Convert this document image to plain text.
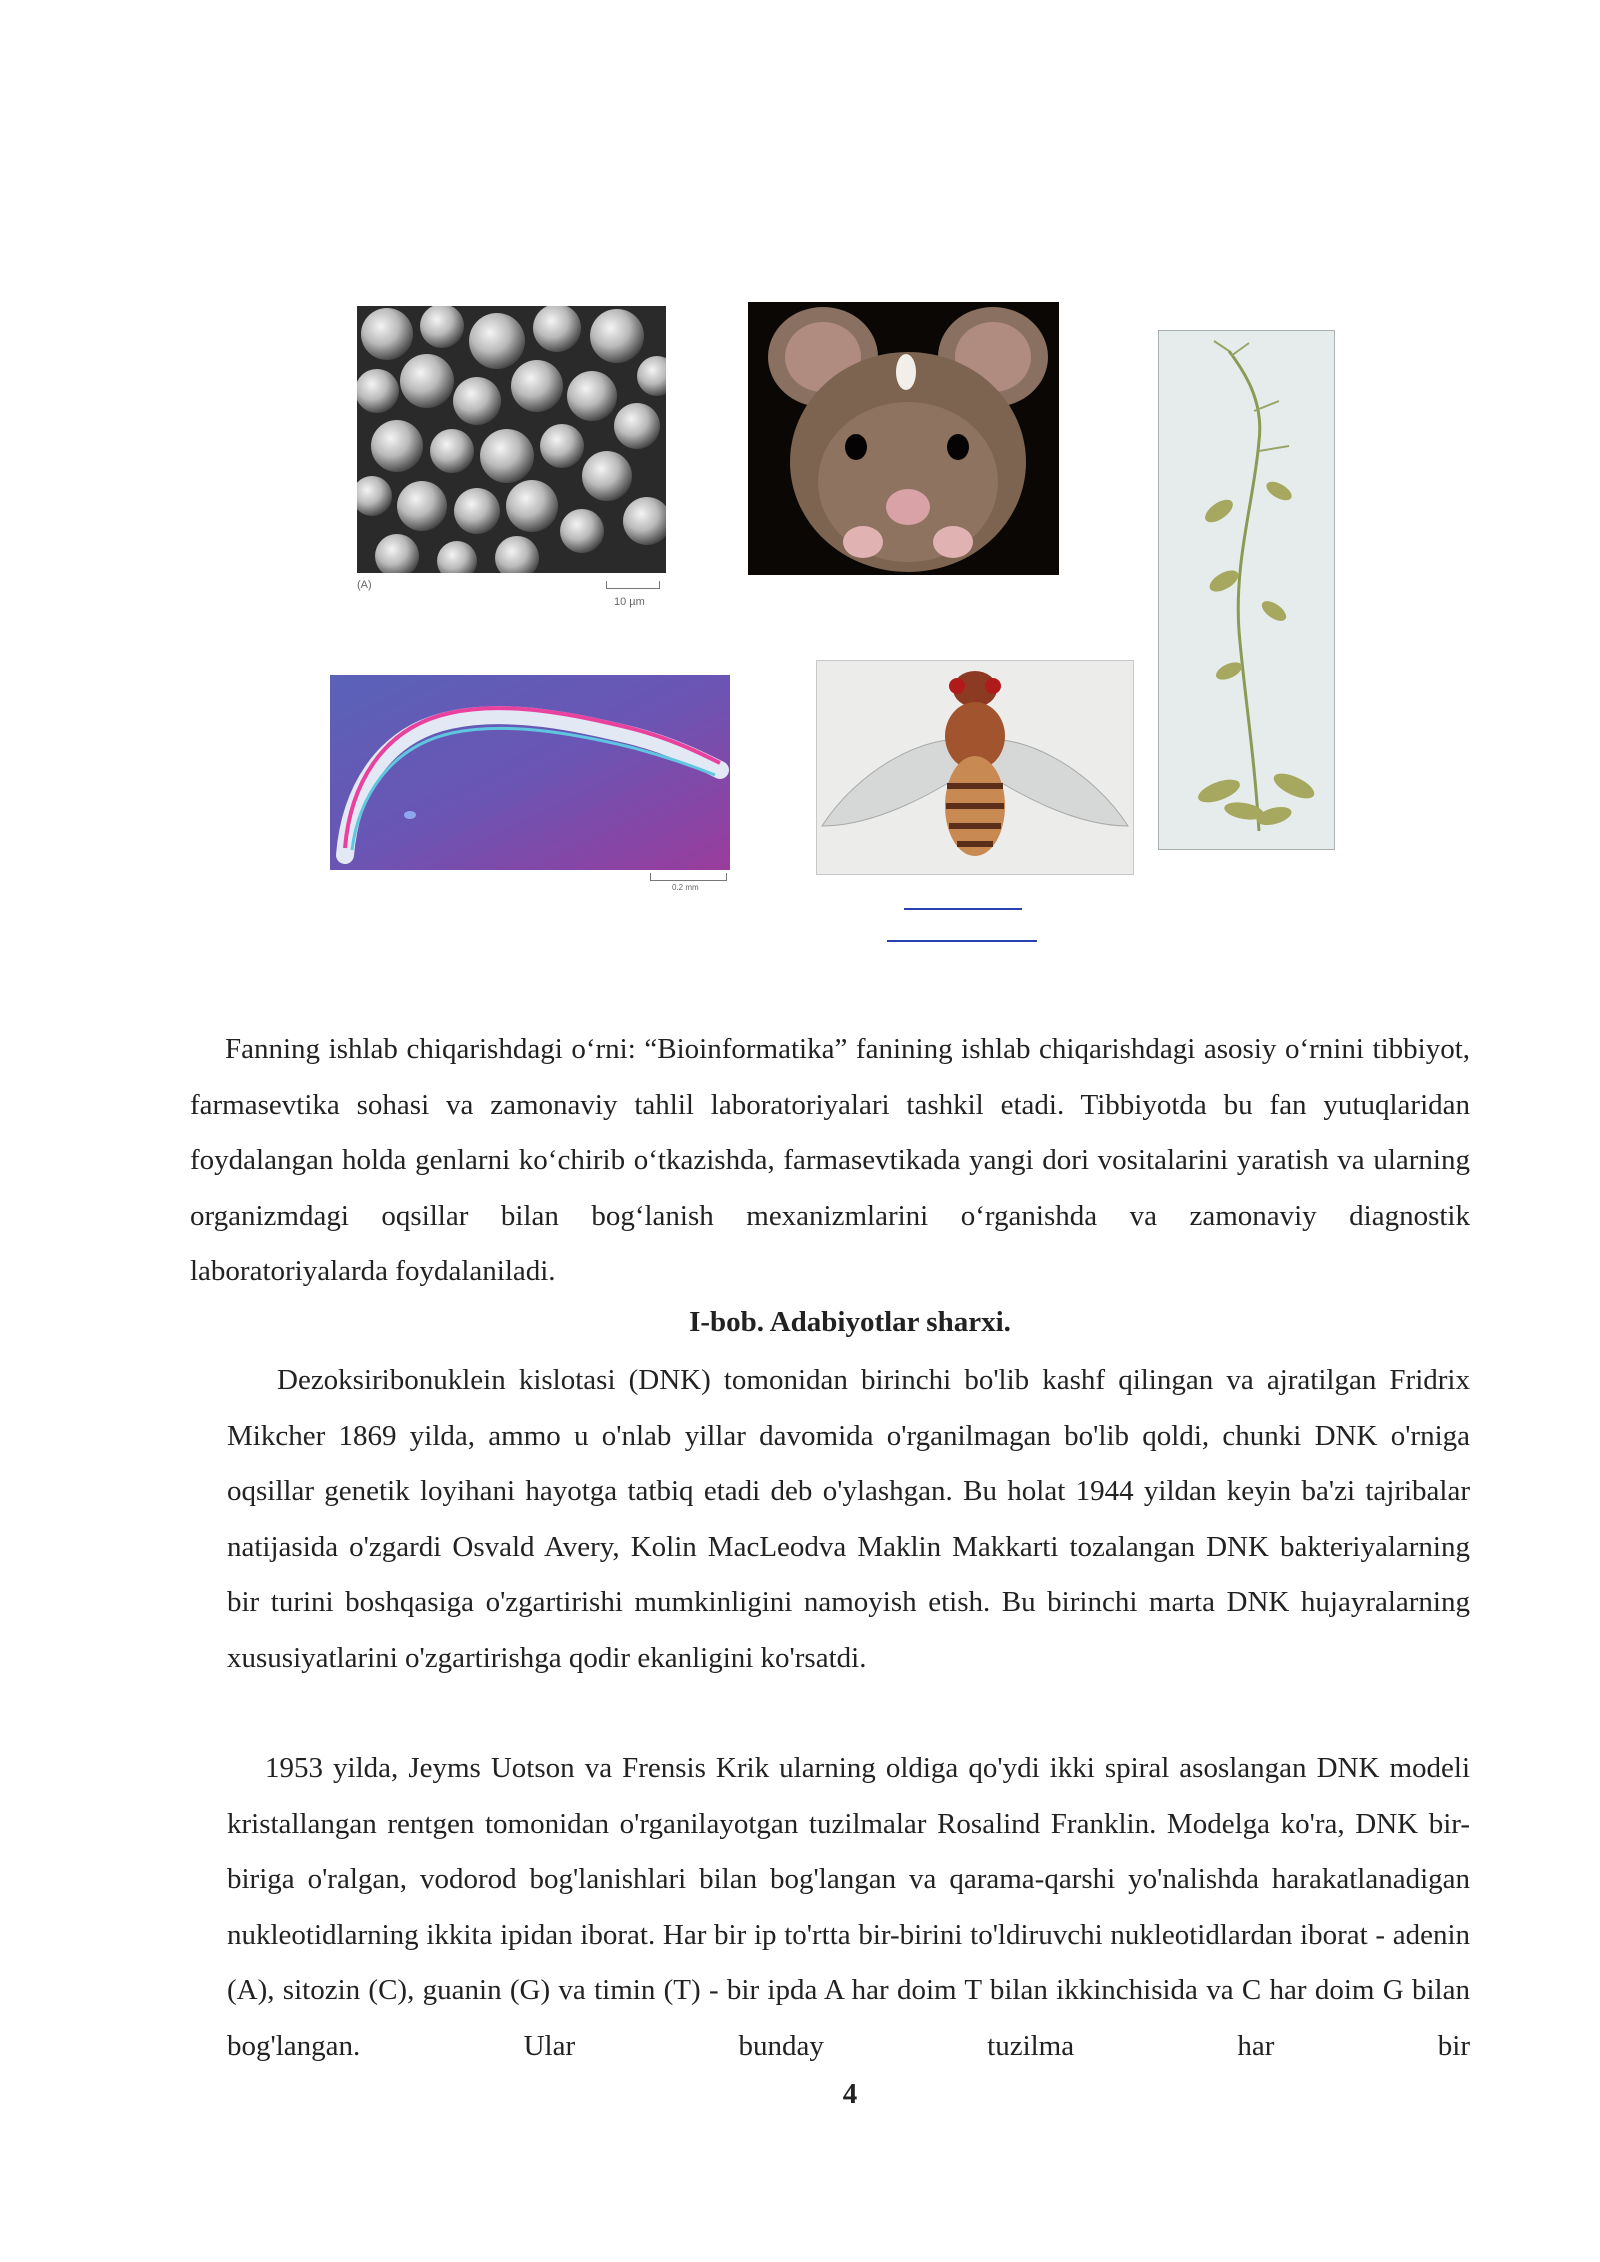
(A)
10 µm
0.2 mm

Fanning ishlab chiqarishdagi o‘rni: “Bioinformatika” fanining ishlab chiqarishdagi asosiy o‘rnini tibbiyot, farmasevtika sohasi va zamonaviy tahlil laboratoriyalari tashkil etadi. Tibbiyotda bu fan yutuqlaridan foydalangan holda genlarni ko‘chirib o‘tkazishda, farmasevtikada yangi dori vositalarini yaratish va ularning organizmdagi oqsillar bilan bog‘lanish mexanizmlarini o‘rganishda va zamonaviy diagnostik laboratoriyalarda foydalaniladi.

I-bob. Adabiyotlar sharxi.

Dezoksiribonuklein kislotasi (DNK) tomonidan birinchi bo'lib kashf qilingan va ajratilgan Fridrix Mikcher 1869 yilda, ammo u o'nlab yillar davomida o'rganilmagan bo'lib qoldi, chunki DNK o'rniga oqsillar genetik loyihani hayotga tatbiq etadi deb o'ylashgan. Bu holat 1944 yildan keyin ba'zi tajribalar natijasida o'zgardi Osvald Avery, Kolin MacLeodva Maklin Makkarti tozalangan DNK bakteriyalarning bir turini boshqasiga o'zgartirishi mumkinligini namoyish etish. Bu birinchi marta DNK hujayralarning xususiyatlarini o'zgartirishga qodir ekanligini ko'rsatdi.

1953 yilda, Jeyms Uotson va Frensis Krik ularning oldiga qo'ydi ikki spiral asoslangan DNK modeli kristallangan rentgen tomonidan o'rganilayotgan tuzilmalar Rosalind Franklin. Modelga ko'ra, DNK bir-biriga o'ralgan, vodorod bog'lanishlari bilan bog'langan va qarama-qarshi yo'nalishda harakatlanadigan nukleotidlarning ikkita ipidan iborat. Har bir ip to'rtta bir-birini to'ldiruvchi nukleotidlardan iborat - adenin (A), sitozin (C), guanin (G) va timin (T) - bir ipda A har doim T bilan ikkinchisida va C har doim G bilan bog'langan. Ular bunday tuzilma har bir

4
